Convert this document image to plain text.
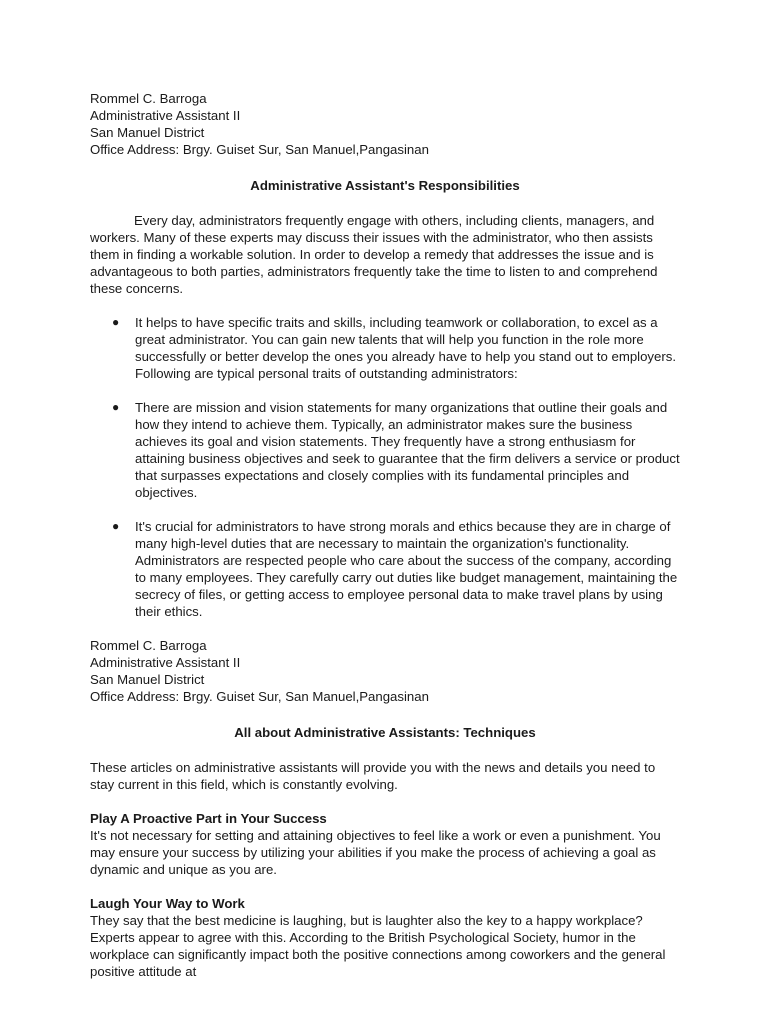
Rommel C. Barroga

Administrative Assistant II

San Manuel District

Office Address: Brgy. Guiset Sur, San Manuel,Pangasinan

Administrative Assistant's Responsibilities

Every day, administrators frequently engage with others, including clients, managers, and workers. Many of these experts may discuss their issues with the administrator, who then assists them in finding a workable solution. In order to develop a remedy that addresses the issue and is advantageous to both parties, administrators frequently take the time to listen to and comprehend these concerns.

● It helps to have specific traits and skills, including teamwork or collaboration, to excel as a great administrator. You can gain new talents that will help you function in the role more successfully or better develop the ones you already have to help you stand out to employers. Following are typical personal traits of outstanding administrators:
● There are mission and vision statements for many organizations that outline their goals and how they intend to achieve them. Typically, an administrator makes sure the business achieves its goal and vision statements. They frequently have a strong enthusiasm for attaining business objectives and seek to guarantee that the firm delivers a service or product that surpasses expectations and closely complies with its fundamental principles and objectives.
● It's crucial for administrators to have strong morals and ethics because they are in charge of many high-level duties that are necessary to maintain the organization's functionality. Administrators are respected people who care about the success of the company, according to many employees. They carefully carry out duties like budget management, maintaining the secrecy of files, or getting access to employee personal data to make travel plans by using their ethics.

Rommel C. Barroga

Administrative Assistant II

San Manuel District

Office Address: Brgy. Guiset Sur, San Manuel,Pangasinan

All about Administrative Assistants: Techniques

These articles on administrative assistants will provide you with the news and details you need to stay current in this field, which is constantly evolving.

Play A Proactive Part in Your Success

It's not necessary for setting and attaining objectives to feel like a work or even a punishment. You may ensure your success by utilizing your abilities if you make the process of achieving a goal as dynamic and unique as you are.

Laugh Your Way to Work

They say that the best medicine is laughing, but is laughter also the key to a happy workplace? Experts appear to agree with this. According to the British Psychological Society, humor in the workplace can significantly impact both the positive connections among coworkers and the general positive attitude at
